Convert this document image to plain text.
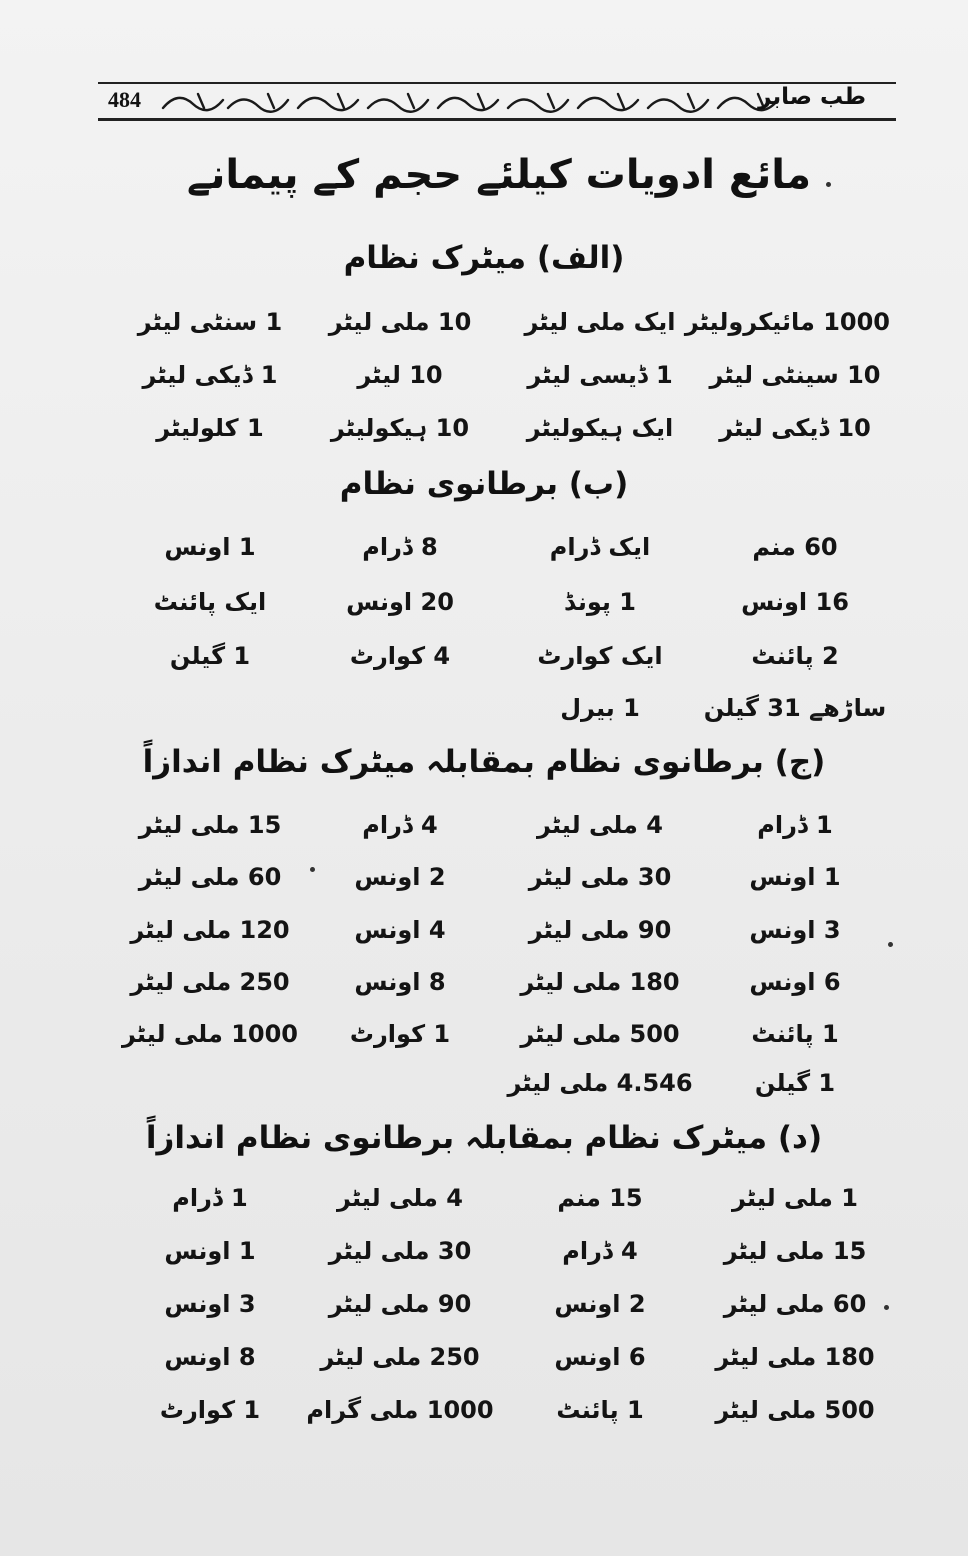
484	طب صابر
مائع ادویات کیلئے حجم کے پیمانے
(الف) میٹرک نظام
1000 مائیکرولیٹر
ایک ملی لیٹر
10 ملی لیٹر
1 سنٹی لیٹر
10 سینٹی لیٹر
1 ڈیسی لیٹر
10 لیٹر
1 ڈیکی لیٹر
10 ڈیکی لیٹر
ایک ہیکولیٹر
10 ہیکولیٹر
1 کلولیٹر
(ب) برطانوی نظام
60 منم
ایک ڈرام
8 ڈرام
1 اونس
16 اونس
1 پونڈ
20 اونس
ایک پائنٹ
2 پائنٹ
ایک کوارٹ
4 کوارٹ
1 گیلن
ساڑھے 31 گیلن
1 بیرل
(ج) برطانوی نظام بمقابلہ میٹرک نظام اندازاً
1 ڈرام
4 ملی لیٹر
4 ڈرام
15 ملی لیٹر
1 اونس
30 ملی لیٹر
2 اونس
60 ملی لیٹر
3 اونس
90 ملی لیٹر
4 اونس
120 ملی لیٹر
6 اونس
180 ملی لیٹر
8 اونس
250 ملی لیٹر
1 پائنٹ
500 ملی لیٹر
1 کوارٹ
1000 ملی لیٹر
1 گیلن
4.546 ملی لیٹر
(د) میٹرک نظام بمقابلہ برطانوی نظام اندازاً
1 ملی لیٹر
15 منم
4 ملی لیٹر
1 ڈرام
15 ملی لیٹر
4 ڈرام
30 ملی لیٹر
1 اونس
60 ملی لیٹر
2 اونس
90 ملی لیٹر
3 اونس
180 ملی لیٹر
6 اونس
250 ملی لیٹر
8 اونس
500 ملی لیٹر
1 پائنٹ
1000 ملی گرام
1 کوارٹ
